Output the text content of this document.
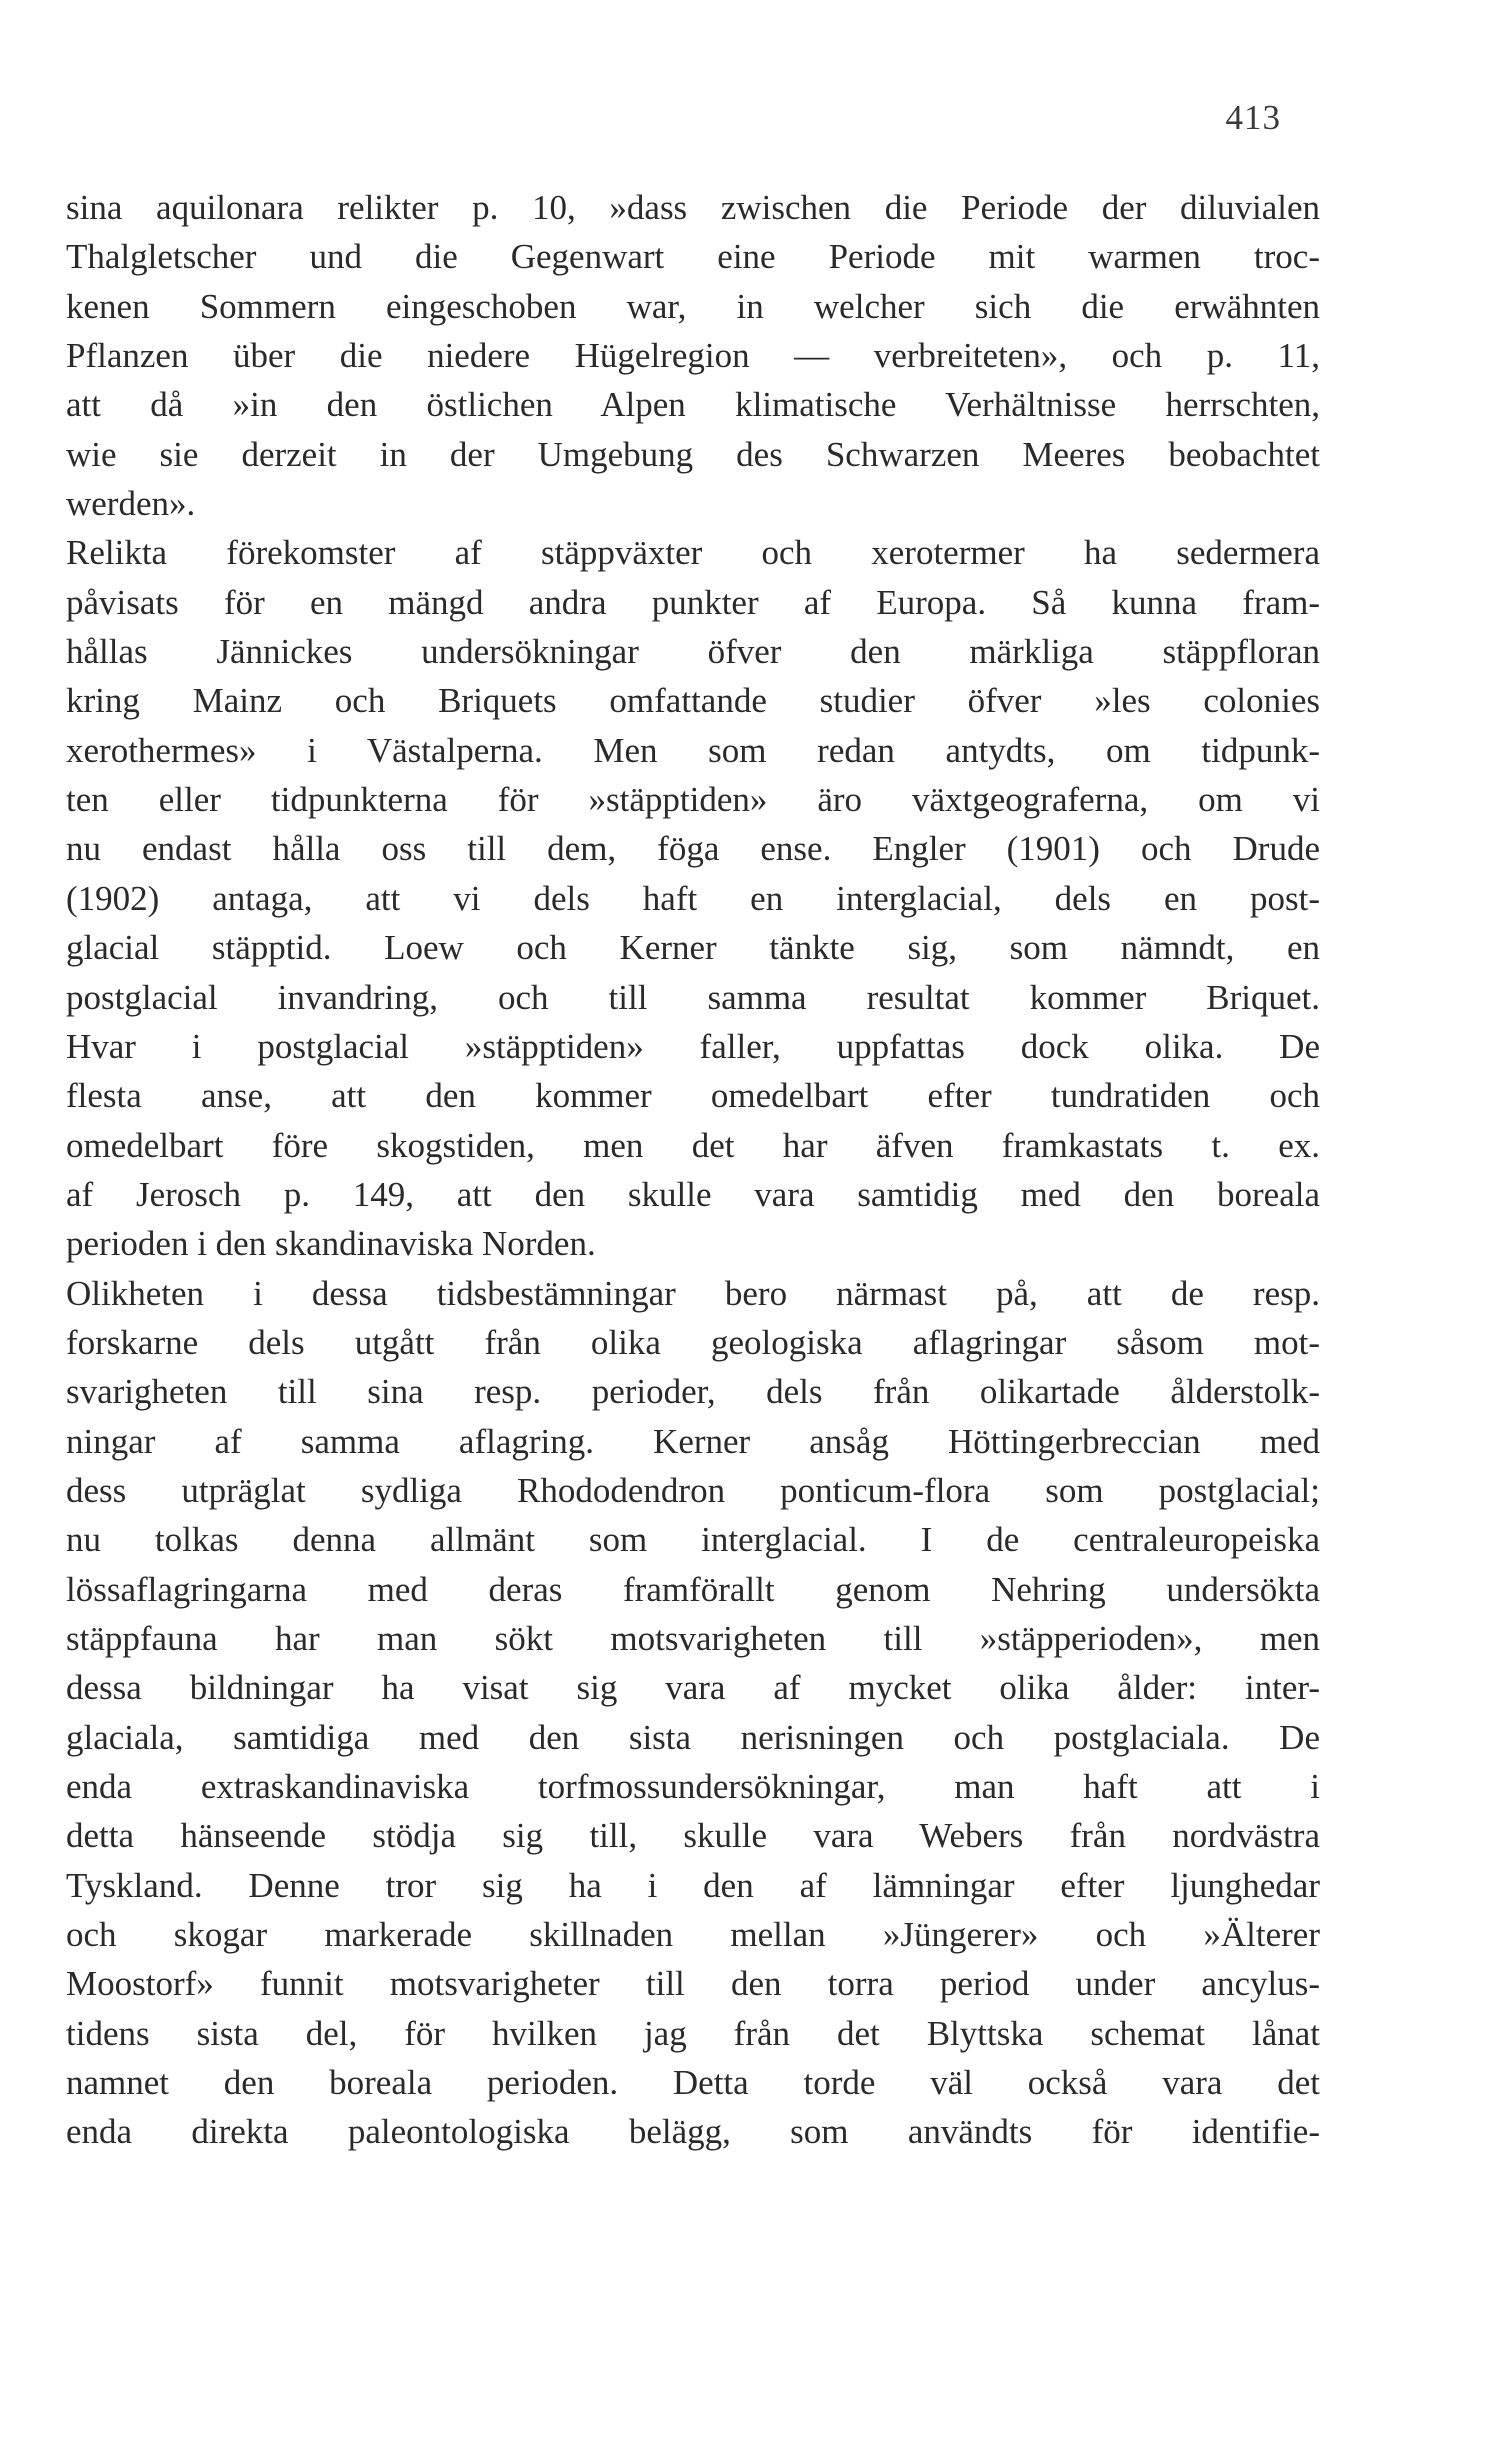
413
sina aquilonara relikter p. 10, »dass zwischen die Periode der diluvialen
Thalgletscher und die Gegenwart eine Periode mit warmen troc-
kenen Sommern eingeschoben war, in welcher sich die erwähnten
Pflanzen über die niedere Hügelregion — verbreiteten», och p. 11,
att då »in den östlichen Alpen klimatische Verhältnisse herrschten,
wie sie derzeit in der Umgebung des Schwarzen Meeres beobachtet
werden».
Relikta förekomster af stäppväxter och xerotermer ha sedermera
påvisats för en mängd andra punkter af Europa. Så kunna fram-
hållas Jännickes undersökningar öfver den märkliga stäppfloran
kring Mainz och Briquets omfattande studier öfver »les colonies
xerothermes» i Västalperna. Men som redan antydts, om tidpunk-
ten eller tidpunkterna för »stäpptiden» äro växtgeograferna, om vi
nu endast hålla oss till dem, föga ense. Engler (1901) och Drude
(1902) antaga, att vi dels haft en interglacial, dels en post-
glacial stäpptid. Loew och Kerner tänkte sig, som nämndt, en
postglacial invandring, och till samma resultat kommer Briquet.
Hvar i postglacial »stäpptiden» faller, uppfattas dock olika. De
flesta anse, att den kommer omedelbart efter tundratiden och
omedelbart före skogstiden, men det har äfven framkastats t. ex.
af Jerosch p. 149, att den skulle vara samtidig med den boreala
perioden i den skandinaviska Norden.
Olikheten i dessa tidsbestämningar bero närmast på, att de resp.
forskarne dels utgått från olika geologiska aflagringar såsom mot-
svarigheten till sina resp. perioder, dels från olikartade ålderstolk-
ningar af samma aflagring. Kerner ansåg Höttingerbreccian med
dess utpräglat sydliga Rhododendron ponticum-flora som postglacial;
nu tolkas denna allmänt som interglacial. I de centraleuropeiska
lössaflagringarna med deras framförallt genom Nehring undersökta
stäppfauna har man sökt motsvarigheten till »stäpperioden», men
dessa bildningar ha visat sig vara af mycket olika ålder: inter-
glaciala, samtidiga med den sista nerisningen och postglaciala. De
enda extraskandinaviska torfmossundersökningar, man haft att i
detta hänseende stödja sig till, skulle vara Webers från nordvästra
Tyskland. Denne tror sig ha i den af lämningar efter ljunghedar
och skogar markerade skillnaden mellan »Jüngerer» och »Älterer
Moostorf» funnit motsvarigheter till den torra period under ancylus-
tidens sista del, för hvilken jag från det Blyttska schemat lånat
namnet den boreala perioden. Detta torde väl också vara det
enda direkta paleontologiska belägg, som användts för identifie-
